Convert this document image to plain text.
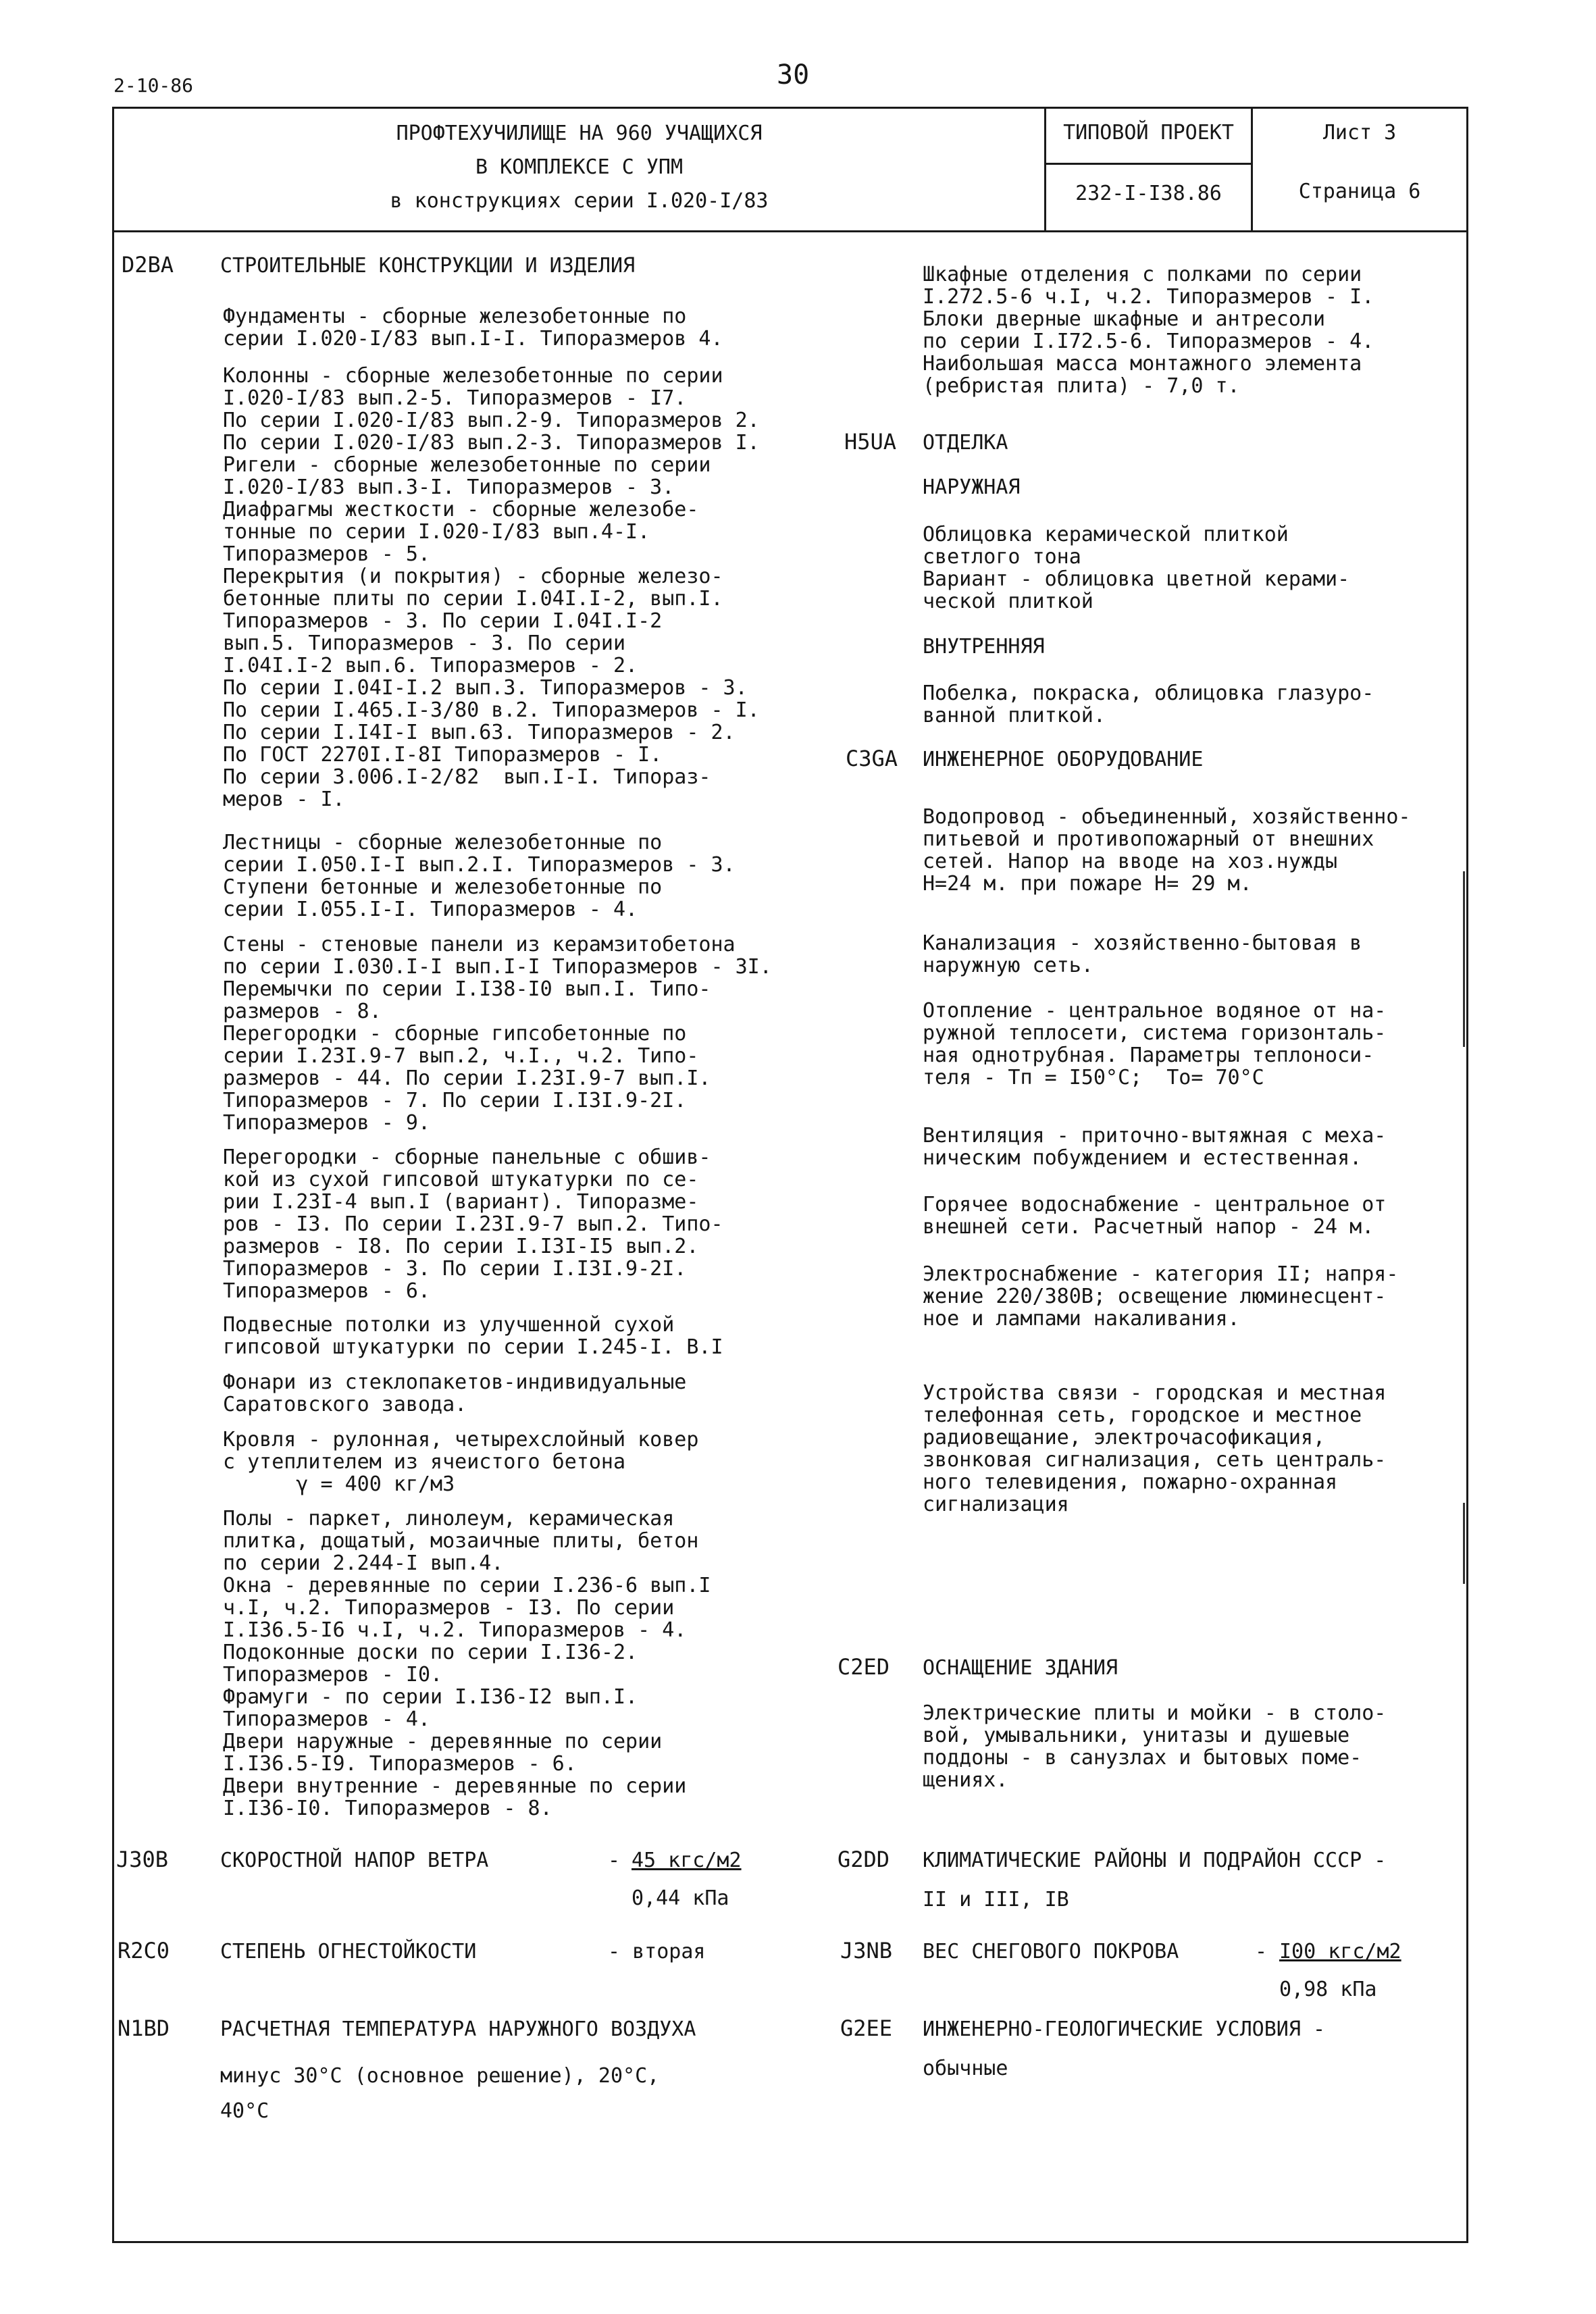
2-10-86	30
ПРОФТЕХУЧИЛИЩЕ НА 960 УЧАЩИХСЯ
В КОМПЛЕКСЕ С УПМ
в конструкциях серии I.020-I/83
ТИПОВОЙ ПРОЕКТ
232-I-I38.86
Лист 3
Страница 6
D2BA СТРОИТЕЛЬНЫЕ КОНСТРУКЦИИ И ИЗДЕЛИЯ
Фундаменты - сборные железобетонные по
серии I.020-I/83 вып.I-I. Типоразмеров 4.
Колонны - сборные железобетонные по серии
I.020-I/83 вып.2-5. Типоразмеров - I7.
По серии I.020-I/83 вып.2-9. Типоразмеров 2.
По серии I.020-I/83 вып.2-3. Типоразмеров I.
Ригели - сборные железобетонные по серии
I.020-I/83 вып.3-I. Типоразмеров - 3.
Диафрагмы жесткости - сборные железобе-
тонные по серии I.020-I/83 вып.4-I.
Типоразмеров - 5.
Перекрытия (и покрытия) - сборные железо-
бетонные плиты по серии I.04I.I-2, вып.I.
Типоразмеров - 3. По серии I.04I.I-2
вып.5. Типоразмеров - 3. По серии
I.04I.I-2 вып.6. Типоразмеров - 2.
По серии I.04I-I.2 вып.3. Типоразмеров - 3.
По серии I.465.I-3/80 в.2. Типоразмеров - I.
По серии I.I4I-I вып.63. Типоразмеров - 2.
По ГОСТ 2270I.I-8I Типоразмеров - I.
По серии 3.006.I-2/82  вып.I-I. Типораз-
меров - I.
Лестницы - сборные железобетонные по
серии I.050.I-I вып.2.I. Типоразмеров - 3.
Ступени бетонные и железобетонные по
серии I.055.I-I. Типоразмеров - 4.
Стены - стеновые панели из керамзитобетона
по серии I.030.I-I вып.I-I Типоразмеров - 3I.
Перемычки по серии I.I38-I0 вып.I. Типо-
размеров - 8.
Перегородки - сборные гипсобетонные по
серии I.23I.9-7 вып.2, ч.I., ч.2. Типо-
размеров - 44. По серии I.23I.9-7 вып.I.
Типоразмеров - 7. По серии I.I3I.9-2I.
Типоразмеров - 9.
Перегородки - сборные панельные с обшив-
кой из сухой гипсовой штукатурки по се-
рии I.23I-4 вып.I (вариант). Типоразме-
ров - I3. По серии I.23I.9-7 вып.2. Типо-
размеров - I8. По серии I.I3I-I5 вып.2.
Типоразмеров - 3. По серии I.I3I.9-2I.
Типоразмеров - 6.
Подвесные потолки из улучшенной сухой
гипсовой штукатурки по серии I.245-I. В.I
Фонари из стеклопакетов-индивидуальные
Саратовского завода.
Кровля - рулонная, четырехслойный ковер
с утеплителем из ячеистого бетона
γ = 400 кг/м3
Полы - паркет, линолеум, керамическая
плитка, дощатый, мозаичные плиты, бетон
по серии 2.244-I вып.4.
Окна - деревянные по серии I.236-6 вып.I
ч.I, ч.2. Типоразмеров - I3. По серии
I.I36.5-I6 ч.I, ч.2. Типоразмеров - 4.
Подоконные доски по серии I.I36-2.
Типоразмеров - I0.
Фрамуги - по серии I.I36-I2 вып.I.
Типоразмеров - 4.
Двери наружные - деревянные по серии
I.I36.5-I9. Типоразмеров - 6.
Двери внутренние - деревянные по серии
I.I36-I0. Типоразмеров - 8.
J30B	СКОРОСТНОЙ НАПОР ВЕТРА	- 45 кгс/м2
0,44 кПа
R2C0 СТЕПЕНЬ ОГНЕСТОЙКОСТИ	- вторая
N1BD РАСЧЕТНАЯ ТЕМПЕРАТУРА НАРУЖНОГО ВОЗДУХА
минус 30°С (основное решение), 20°С,
40°С
Шкафные отделения с полками по серии
I.272.5-6 ч.I, ч.2. Типоразмеров - I.
Блоки дверные шкафные и антресоли
по серии I.I72.5-6. Типоразмеров - 4.
Наибольшая масса монтажного элемента
(ребристая плита) - 7,0 т.
H5UA ОТДЕЛКА
НАРУЖНАЯ
Облицовка керамической плиткой
светлого тона
Вариант - облицовка цветной керами-
ческой плиткой
ВНУТРЕННЯЯ
Побелка, покраска, облицовка глазуро-
ванной плиткой.
C3GA ИНЖЕНЕРНОЕ ОБОРУДОВАНИЕ
Водопровод - объединенный, хозяйственно-
питьевой и противопожарный от внешних
сетей. Напор на вводе на хоз.нужды
Н=24 м. при пожаре Н= 29 м.
Канализация - хозяйственно-бытовая в
наружную сеть.
Отопление - центральное водяное от на-
ружной теплосети, система горизонталь-
ная однотрубная. Параметры теплоноси-
теля - Тп = I50°С;  То= 70°С
Вентиляция - приточно-вытяжная с меха-
ническим побуждением и естественная.
Горячее водоснабжение - центральное от
внешней сети. Расчетный напор - 24 м.
Электроснабжение - категория II; напря-
жение 220/380В; освещение люминесцент-
ное и лампами накаливания.
Устройства связи - городская и местная
телефонная сеть, городское и местное
радиовещание, электрочасофикация,
звонковая сигнализация, сеть централь-
ного телевидения, пожарно-охранная
сигнализация
C2ED ОСНАЩЕНИЕ ЗДАНИЯ
Электрические плиты и мойки - в столо-
вой, умывальники, унитазы и душевые
поддоны - в санузлах и бытовых поме-
щениях.
G2DD КЛИМАТИЧЕСКИЕ РАЙОНЫ И ПОДРАЙОН СССР -
II и III, IВ
J3NB ВЕС СНЕГОВОГО ПОКРОВА	- I00 кгс/м2
0,98 кПа
G2EE ИНЖЕНЕРНО-ГЕОЛОГИЧЕСКИЕ УСЛОВИЯ -
обычные
